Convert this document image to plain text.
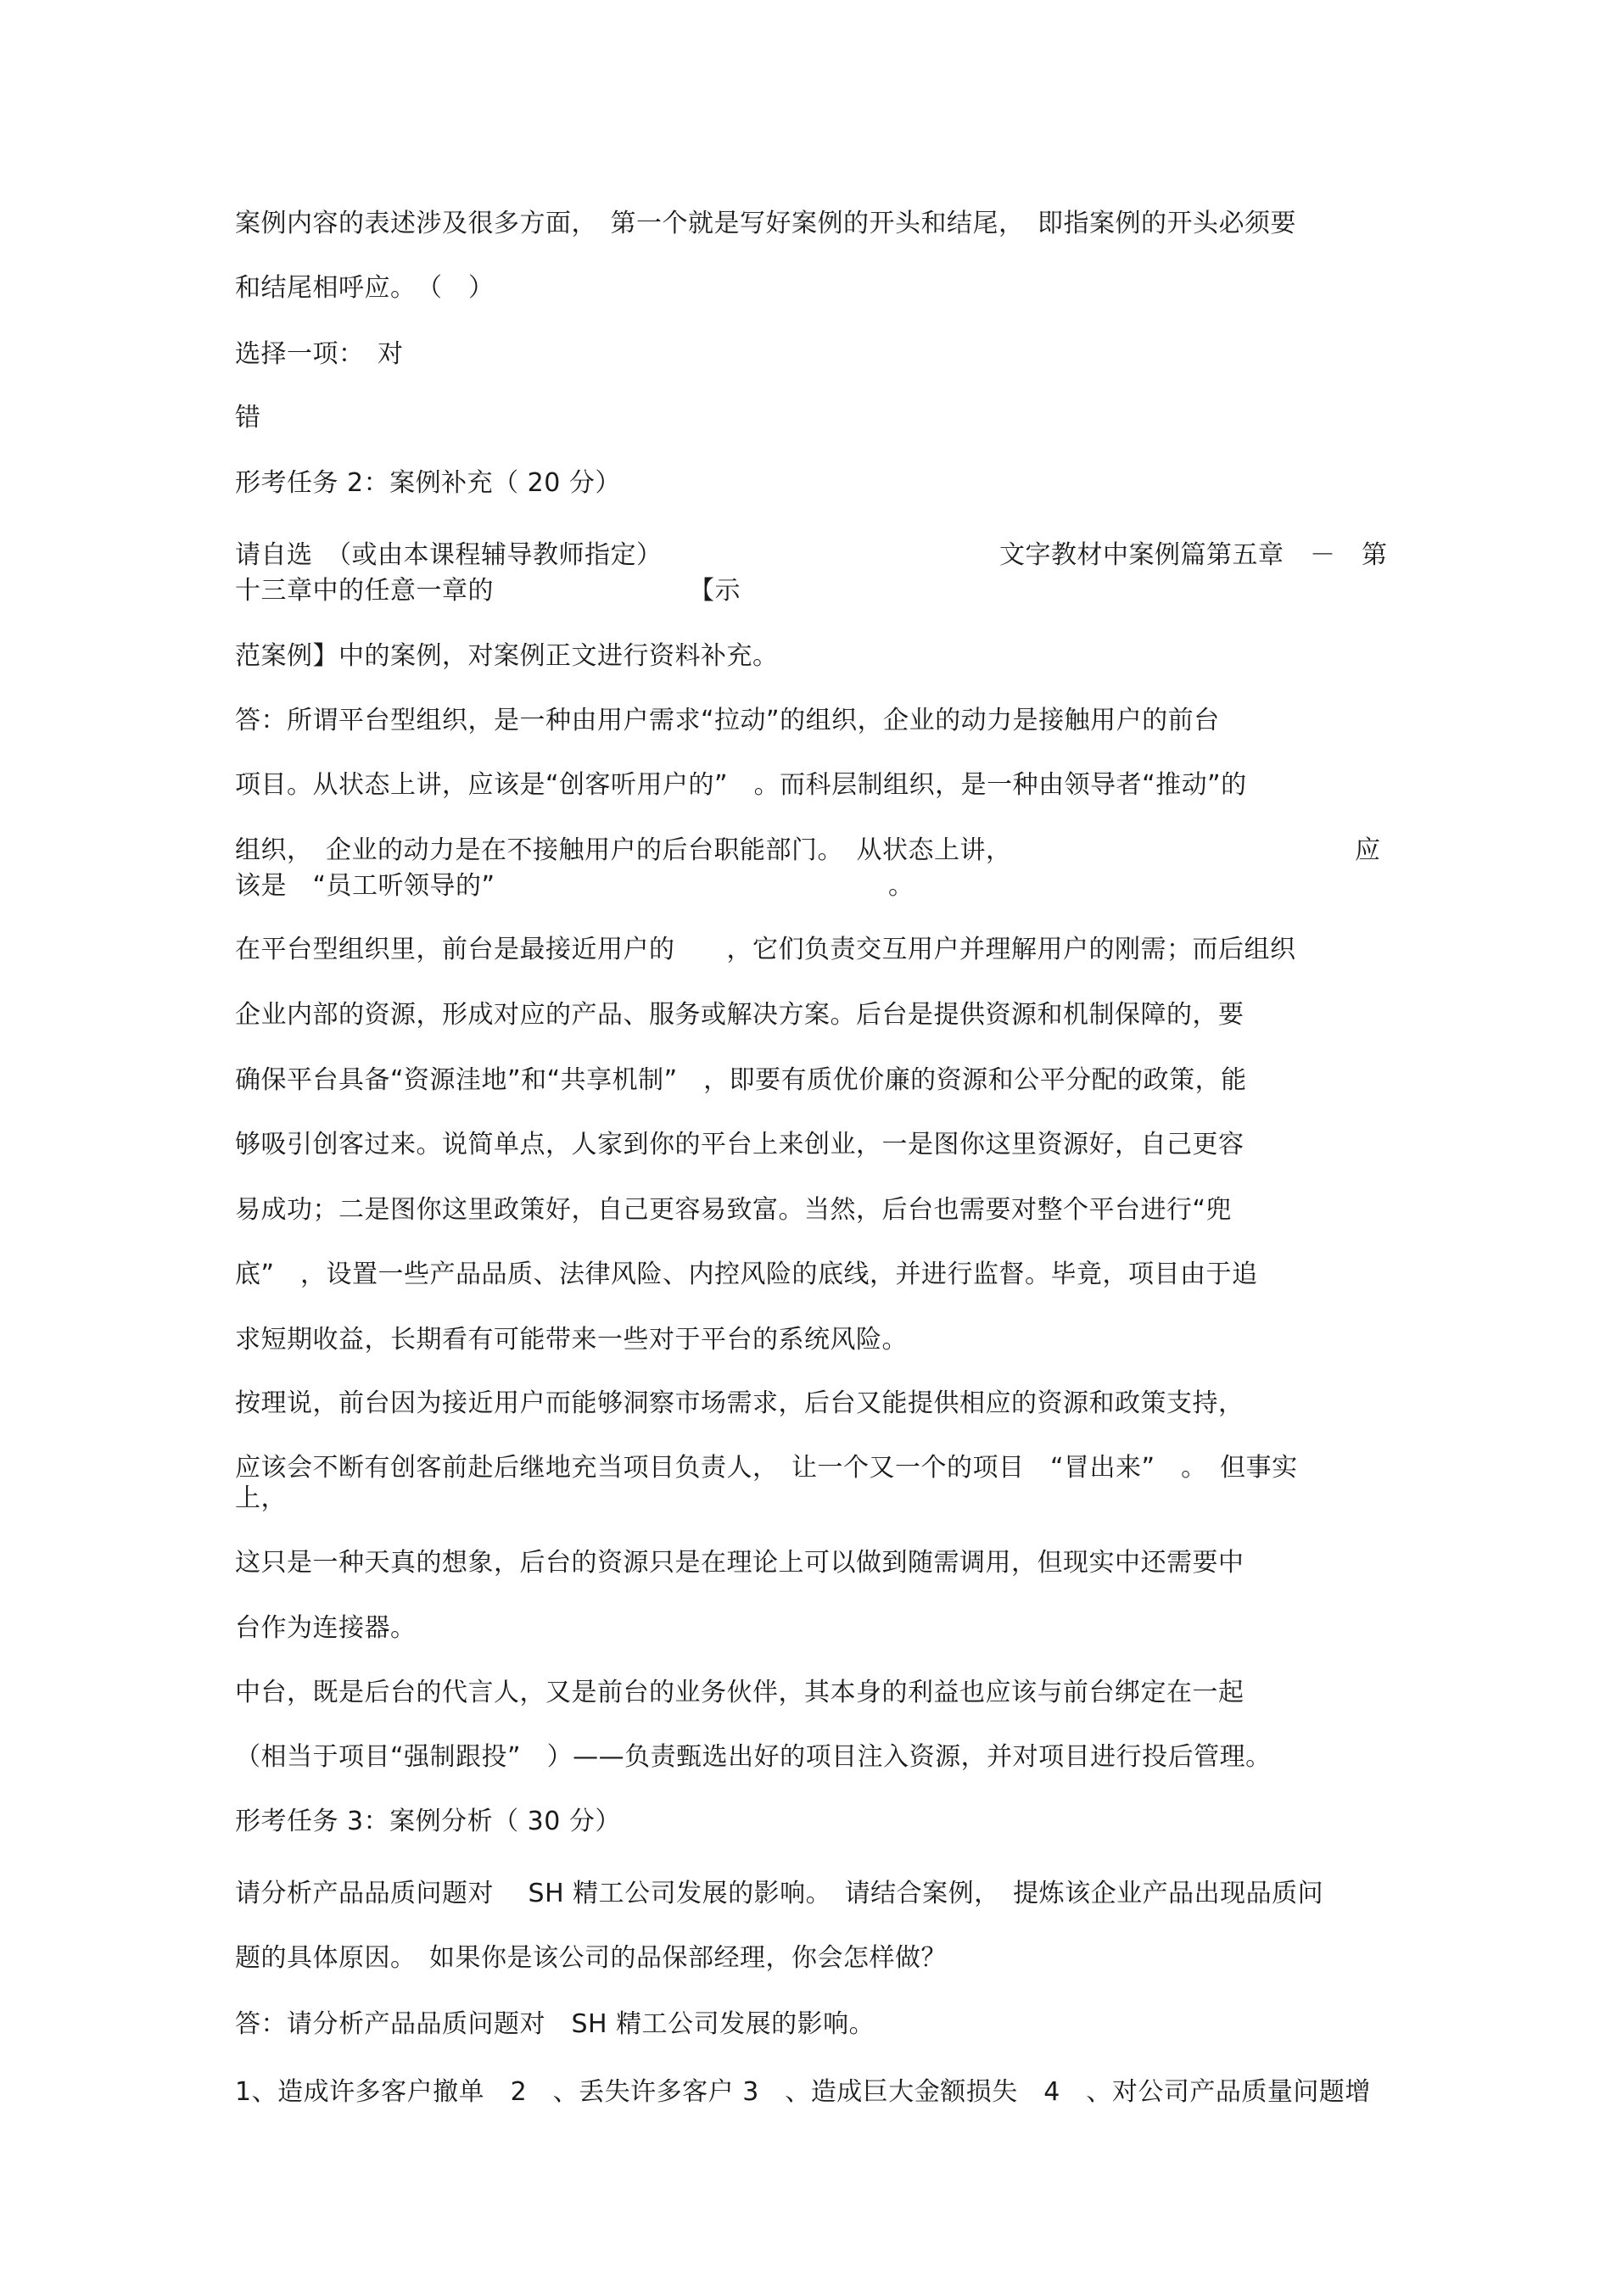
案例内容的表述涉及很多方面，　第一个就是写好案例的开头和结尾，　即指案例的开头必须要
和结尾相呼应。　（　）
选择一项：　对
错
形考任务 2：案例补充（ 20 分）
请自选　（或由本课程辅导教师指定）	文字教材中案例篇第五章　－　第
十三章中的任意一章的	【示
范案例】中的案例，对案例正文进行资料补充。
答：所谓平台型组织，是一种由用户需求“拉动”的组织，企业的动力是接触用户的前台
项目。从状态上讲，应该是“创客听用户的”　。而科层制组织，是一种由领导者“推动”的
组织，　企业的动力是在不接触用户的后台职能部门。　从状态上讲，	应
该是　“员工听领导的”	。
在平台型组织里，前台是最接近用户的　　，它们负责交互用户并理解用户的刚需；而后组织
企业内部的资源，形成对应的产品、服务或解决方案。后台是提供资源和机制保障的，要
确保平台具备“资源洼地”和“共享机制”　，即要有质优价廉的资源和公平分配的政策，能
够吸引创客过来。说简单点，人家到你的平台上来创业，一是图你这里资源好，自己更容
易成功；二是图你这里政策好，自己更容易致富。当然，后台也需要对整个平台进行“兜
底”　，设置一些产品品质、法律风险、内控风险的底线，并进行监督。毕竟，项目由于追
求短期收益，长期看有可能带来一些对于平台的系统风险。
按理说，前台因为接近用户而能够洞察市场需求，后台又能提供相应的资源和政策支持，
应该会不断有创客前赴后继地充当项目负责人，　让一个又一个的项目　“冒出来”　。　但事实
上，
这只是一种天真的想象，后台的资源只是在理论上可以做到随需调用，但现实中还需要中
台作为连接器。
中台，既是后台的代言人，又是前台的业务伙伴，其本身的利益也应该与前台绑定在一起
（相当于项目“强制跟投”　）——负责甄选出好的项目注入资源，并对项目进行投后管理。
形考任务 3：案例分析（ 30 分）
请分析产品品质问题对　 SH 精工公司发展的影响。　请结合案例，　提炼该企业产品出现品质问
题的具体原因。　如果你是该公司的品保部经理，你会怎样做？
答：请分析产品品质问题对　SH 精工公司发展的影响。
1、造成许多客户撤单　2　、丢失许多客户 3　、造成巨大金额损失　4　、对公司产品质量问题增
